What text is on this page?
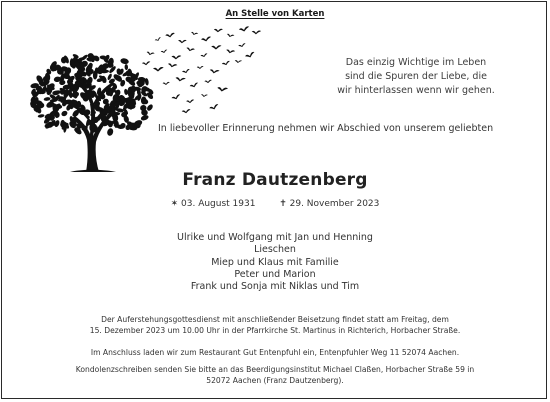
An Stelle von Karten
Das einzig Wichtige im Leben
sind die Spuren der Liebe, die
wir hinterlassen wenn wir gehen.
In liebevoller Erinnerung nehmen wir Abschied von unserem geliebten
Franz Dautzenberg
✶ 03. August 1931	✝ 29. November 2023
Ulrike und Wolfgang mit Jan und Henning
Lieschen
Miep und Klaus mit Familie
Peter und Marion
Frank und Sonja mit Niklas und Tim
Der Auferstehungsgottesdienst mit anschließender Beisetzung findet statt am Freitag, dem
15. Dezember 2023 um 10.00 Uhr in der Pfarrkirche St. Martinus in Richterich, Horbacher Straße.
Im Anschluss laden wir zum Restaurant Gut Entenpfuhl ein, Entenpfuhler Weg 11 52074 Aachen.
Kondolenzschreiben senden Sie bitte an das Beerdigungsinstitut Michael Claßen, Horbacher Straße 59 in
52072 Aachen (Franz Dautzenberg).
